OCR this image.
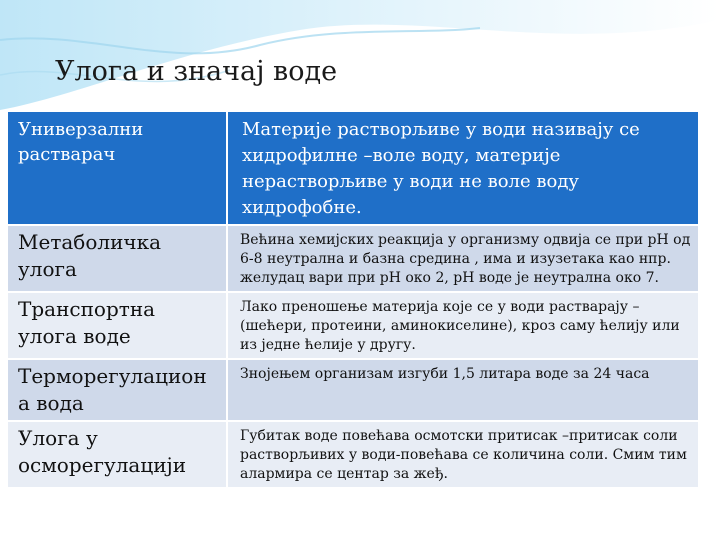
Улога и значај воде
Универзални растварач
Материје растворљиве у води називају се хидрофилне –воле воду, материје нерастворљиве у води не воле воду хидрофобне.
Метаболичка улога
Већина хемијских реакција у организму одвија се при pH од 6-8 неутрална и базна средина , има и изузетака као нпр. желудац вари при pH око 2, pH воде је неутрална око 7.
Транспортна улога воде
Лако преношење материја које се у води растварају – (шећери, протеини, аминокиселине), кроз саму ћелију или из једне ћелије у другу.
Терморегулацион а вода
Знојењем организам изгуби 1,5 литара воде за 24 часа
Улога у осморегулацији
Губитак воде повећава осмотски притисак –притисак соли растворљивих у води-повећава се количина соли. Смим тим алармира се центар за жеђ.
